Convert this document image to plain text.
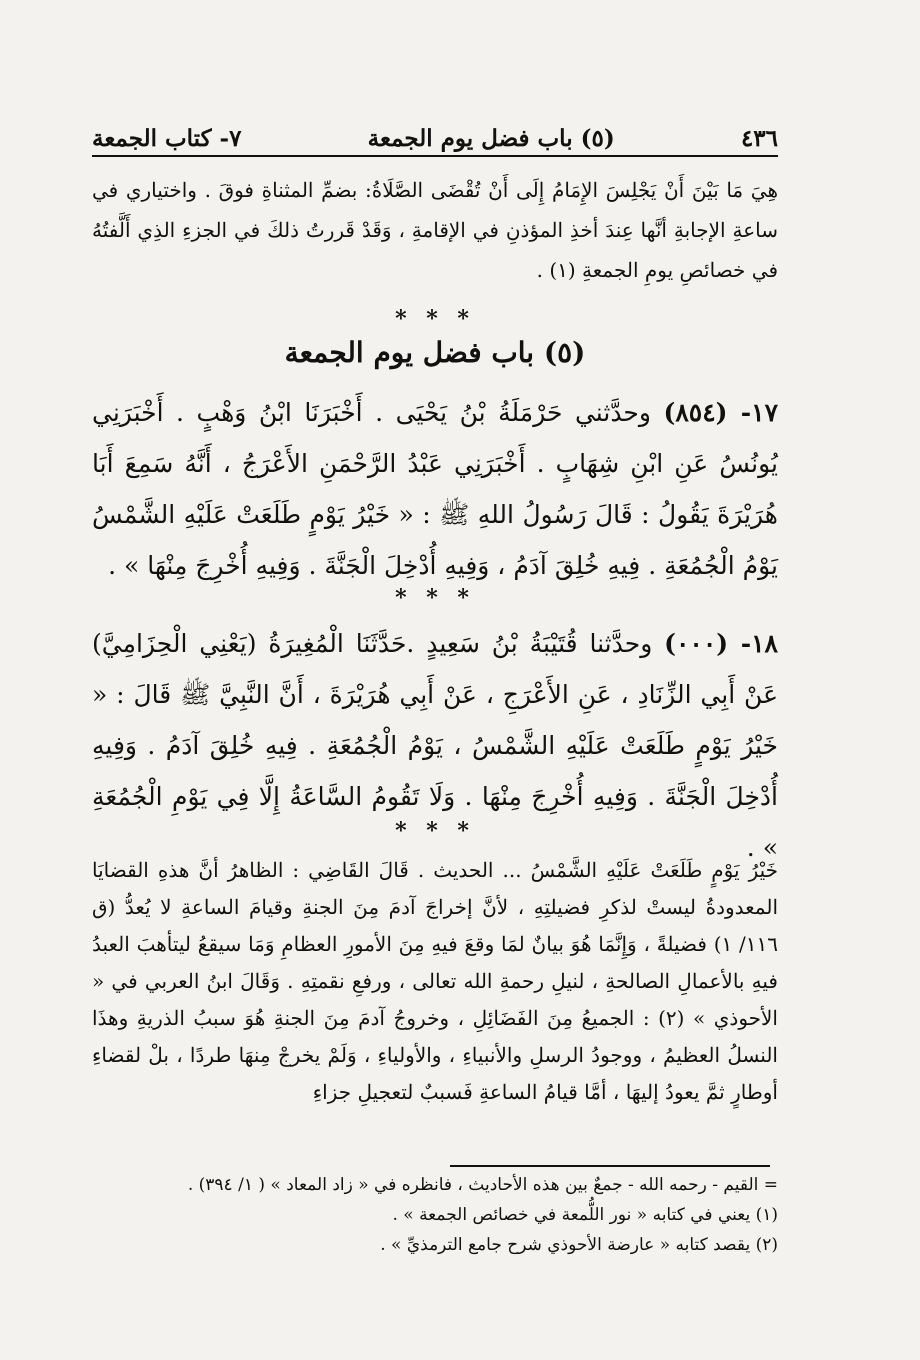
٤٣٦
(٥) باب فضل يوم الجمعة
٧- كتاب الجمعة
هِيَ مَا بَيْنَ أَنْ يَجْلِسَ الإِمَامُ إِلَى أَنْ تُقْضَى الصَّلَاةُ: بضمِّ المثناةِ فوقَ . واختياري في ساعةِ الإجابةِ أنَّها عِندَ أخذِ المؤذنِ في الإقامةِ ، وَقَدْ قَررتُ ذلكَ في الجزءِ الذِي أَلَّفتُهُ في خصائصِ يومِ الجمعةِ (١) .
* * *
(٥) باب فضل يوم الجمعة
١٧- (٨٥٤) وحدَّثني حَرْمَلَةُ بْنُ يَحْيَى . أَخْبَرَنَا ابْنُ وَهْبٍ . أَخْبَرَنِي يُونُسُ عَنِ ابْنِ شِهَابٍ . أَخْبَرَنِي عَبْدُ الرَّحْمَنِ الأَعْرَجُ ، أَنَّهُ سَمِعَ أَبَا هُرَيْرَةَ يَقُولُ : قَالَ رَسُولُ اللهِ ﷺ : « خَيْرُ يَوْمٍ طَلَعَتْ عَلَيْهِ الشَّمْسُ يَوْمُ الْجُمُعَةِ . فِيهِ خُلِقَ آدَمُ ، وَفِيهِ أُدْخِلَ الْجَنَّةَ . وَفِيهِ أُخْرِجَ مِنْهَا » .
* * *
١٨- (٠٠٠) وحدَّثنا قُتَيْبَةُ بْنُ سَعِيدٍ .حَدَّثَنَا الْمُغِيرَةُ (يَعْنِي الْحِزَامِيَّ) عَنْ أَبِي الزِّنَادِ ، عَنِ الأَعْرَجِ ، عَنْ أَبِي هُرَيْرَةَ ، أَنَّ النَّبِيَّ ﷺ قَالَ : « خَيْرُ يَوْمٍ طَلَعَتْ عَلَيْهِ الشَّمْسُ ، يَوْمُ الْجُمُعَةِ . فِيهِ خُلِقَ آدَمُ . وَفِيهِ أُدْخِلَ الْجَنَّةَ . وَفِيهِ أُخْرِجَ مِنْهَا . وَلَا تَقُومُ السَّاعَةُ إِلَّا فِي يَوْمِ الْجُمُعَةِ » .
* * *
خَيْرُ يَوْمٍ طَلَعَتْ عَلَيْهِ الشَّمْسُ ... الحديث . قَالَ القَاضِي : الظاهرُ أنَّ هذهِ القضايَا المعدودةُ ليستْ لذكرِ فضيلتِهِ ، لأنَّ إخراجَ آدمَ مِنَ الجنةِ وقيامَ الساعةِ لا يُعدُّ (ق ١١٦/ ١) فضيلةً ، وَإِنَّمَا هُوَ بيانٌ لمَا وقعَ فيهِ مِنَ الأمورِ العظامِ وَمَا سيقعُ ليتأهبَ العبدُ فيهِ بالأعمالِ الصالحةِ ، لنيلِ رحمةِ الله تعالى ، ورفعِ نقمتِهِ . وَقَالَ ابنُ العربي في « الأحوذي » (٢) : الجميعُ مِنَ الفَضَائِلِ ، وخروجُ آدمَ مِنَ الجنةِ هُوَ سببُ الذريةِ وهذَا النسلُ العظيمُ ، ووجودُ الرسلِ والأنبياءِ ، والأولياءِ ، وَلَمْ يخرجْ مِنهَا طردًا ، بلْ لقضاءِ أوطارٍ ثمَّ يعودُ إليهَا ، أمَّا قيامُ الساعةِ فَسببٌ لتعجيلِ جزاءِ
= القيم - رحمه الله - جمعٌ بين هذه الأحاديث ، فانظره في « زاد المعاد » ( ١/ ٣٩٤) .
(١) يعني في كتابه « نور اللُّمعة في خصائص الجمعة » .
(٢) يقصد كتابه « عارضة الأحوذي شرح جامع الترمذيِّ » .
